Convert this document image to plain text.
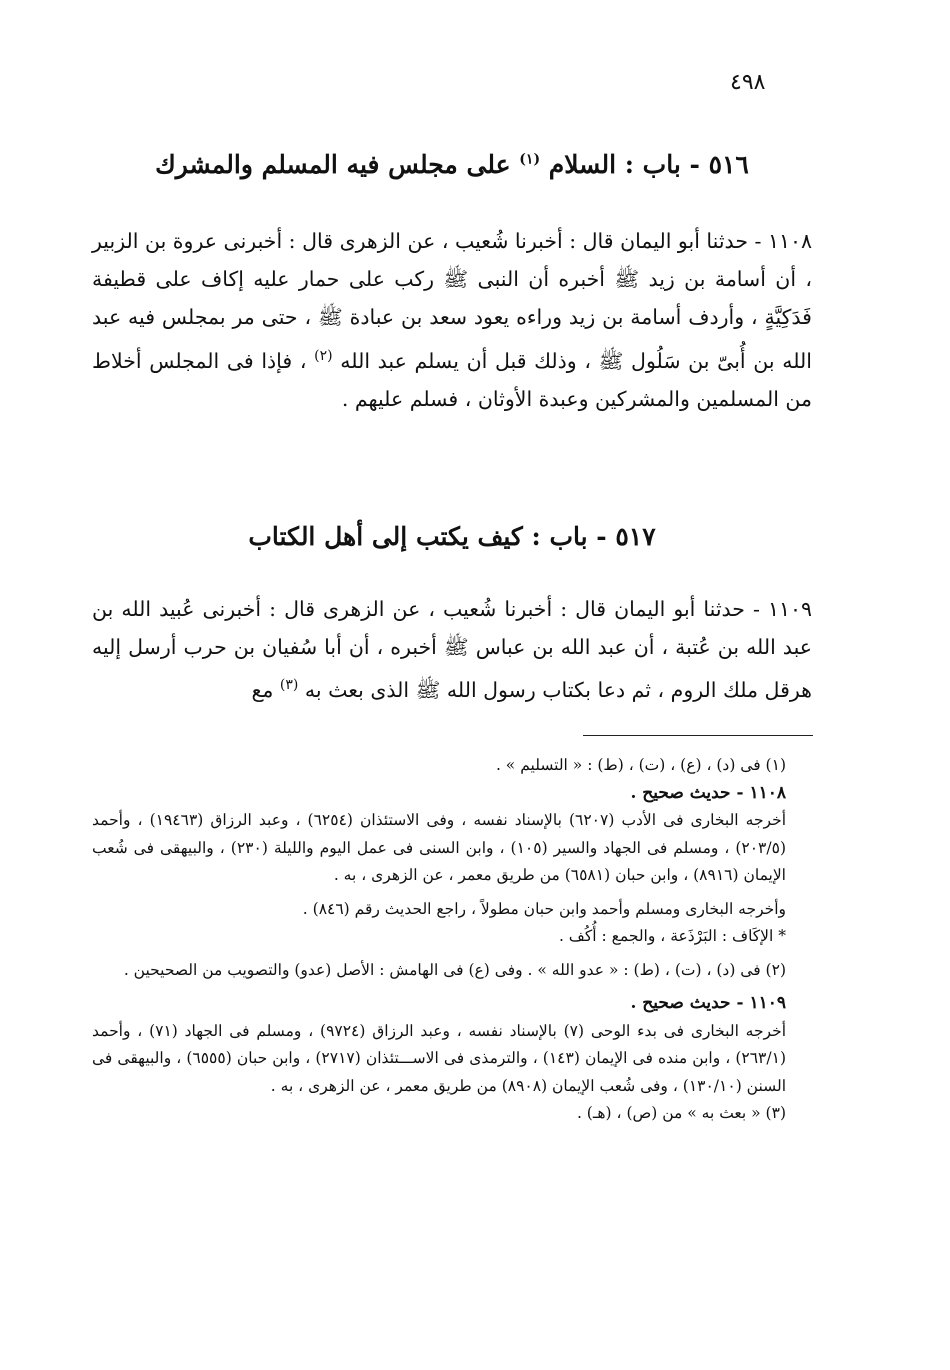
٤٩٨
٥١٦ - باب : السلام $^{(١)}$ على مجلس فيه المسلم والمشرك

١١٠٨ - حدثنا أبو اليمان قال : أخبرنا شُعيب ، عن الزهرى قال : أخبرنى عروة بن الزبير ، أن أسامة بن زيد ﷺ أخبره أن النبى ﷺ ركب على حمار عليه إكاف على قطيفة فَدَكِيَّةٍ ، وأردف أسامة بن زيد وراءه يعود سعد بن عبادة ﷺ ، حتى مر بمجلس فيه عبد الله بن أُبىّ بن سَلُول ﷺ ، وذلك قبل أن يسلم عبد الله $^{(٢)}$ ، فإذا فى المجلس أخلاط من المسلمين والمشركين وعبدة الأوثان ، فسلم عليهم .

٥١٧ - باب : كيف يكتب إلى أهل الكتاب

١١٠٩ - حدثنا أبو اليمان قال : أخبرنا شُعيب ، عن الزهرى قال : أخبرنى عُبيد الله بن عبد الله بن عُتبة ، أن عبد الله بن عباس ﷺ أخبره ، أن أبا سُفيان بن حرب أرسل إليه هرقل ملك الروم ، ثم دعا بكتاب رسول الله ﷺ الذى بعث به $^{(٣)}$ مع

(١) فى (د) ، (ع) ، (ت) ، (ط) : « التسليم » .

١١٠٨ - حديث صحيح .

أخرجه البخارى فى الأدب (٦٢٠٧) بالإسناد نفسه ، وفى الاستئذان (٦٢٥٤) ، وعبد الرزاق (١٩٤٦٣) ، وأحمد (٢٠٣/٥) ، ومسلم فى الجهاد والسير (١٠٥) ، وابن السنى فى عمل اليوم والليلة (٢٣٠) ، والبيهقى فى شُعب الإيمان (٨٩١٦) ، وابن حبان (٦٥٨١) من طريق معمر ، عن الزهرى ، به .

وأخرجه البخارى ومسلم وأحمد وابن حبان مطولاً ، راجع الحديث رقم (٨٤٦) .

* الإكَاف : البَرْذَعة ، والجمع : أُكُف .

(٢) فى (د) ، (ت) ، (ط) : « عدو الله » . وفى (ع) فى الهامش : الأصل (عدو) والتصويب من الصحيحين .

١١٠٩ - حديث صحيح .

أخرجه البخارى فى بدء الوحى (٧) بالإسناد نفسه ، وعبد الرزاق (٩٧٢٤) ، ومسلم فى الجهاد (٧١) ، وأحمد (٢٦٣/١) ، وابن منده فى الإيمان (١٤٣) ، والترمذى فى الاســـتئذان (٢٧١٧) ، وابن حبان (٦٥٥٥) ، والبيهقى فى السنن (١٣٠/١٠) ، وفى شُعب الإيمان (٨٩٠٨) من طريق معمر ، عن الزهرى ، به .

(٣) « بعث به » من (ص) ، (هـ) .
